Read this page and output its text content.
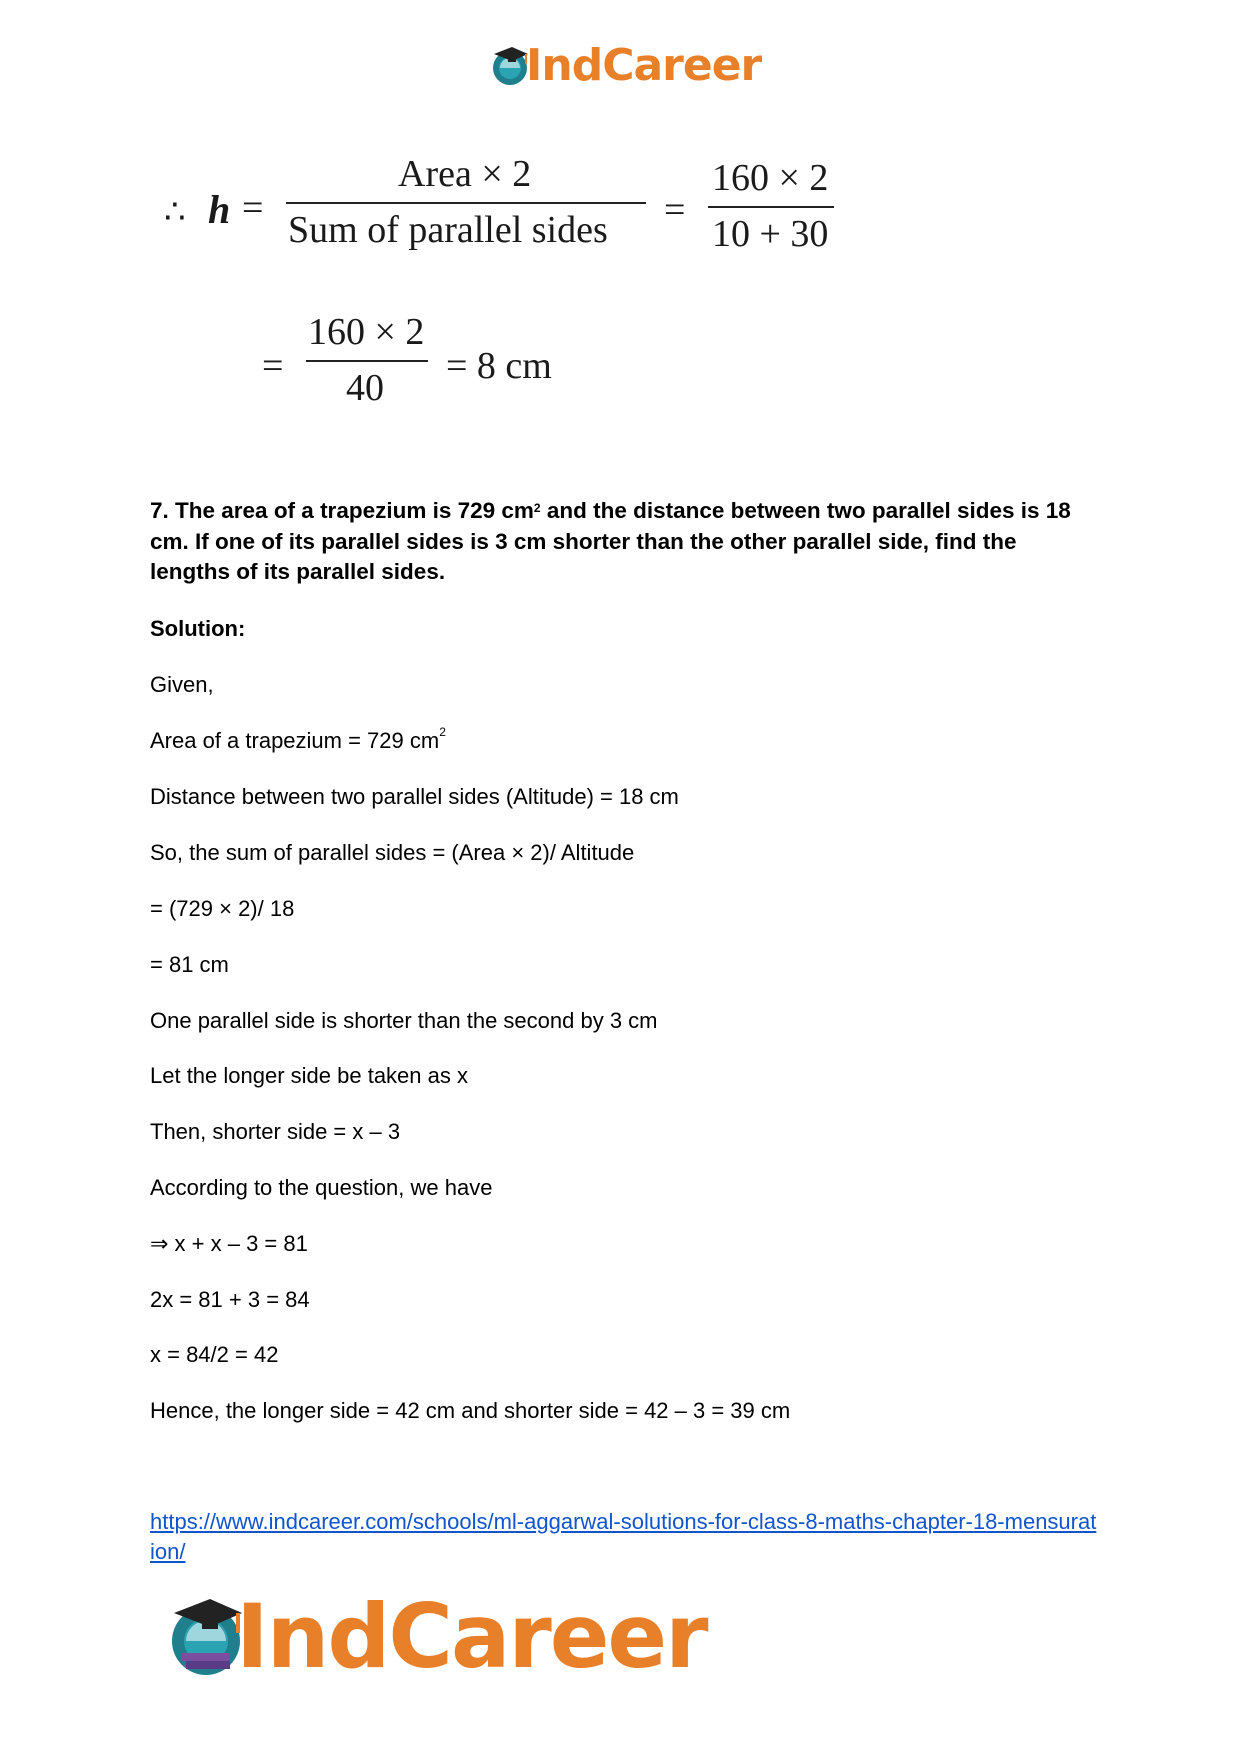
IndCareer
∴ h =
Area × 2
Sum of parallel sides =
160 × 2
10 + 30
=
160 × 2
40
= 8 cm
7. The area of a trapezium is 729 $cm^2$ and the distance between two parallel sides is 18 cm. If one of its parallel sides is 3 cm shorter than the other parallel side, find the lengths of its parallel sides.
Solution:
Given,
Area of a trapezium = 729 $cm^2$
Distance between two parallel sides (Altitude) = 18 cm
So, the sum of parallel sides = (Area × 2)/ Altitude
= (729 × 2)/ 18
= 81 cm
One parallel side is shorter than the second by 3 cm
Let the longer side be taken as x
Then, shorter side = x – 3
According to the question, we have
⇒ x + x – 3 = 81
2x = 81 + 3 = 84
x = 84/2 = 42
Hence, the longer side = 42 cm and shorter side = 42 – 3 = 39 cm
https://www.indcareer.com/schools/ml-aggarwal-solutions-for-class-8-maths-chapter-18-mensuration/
IndCareer
